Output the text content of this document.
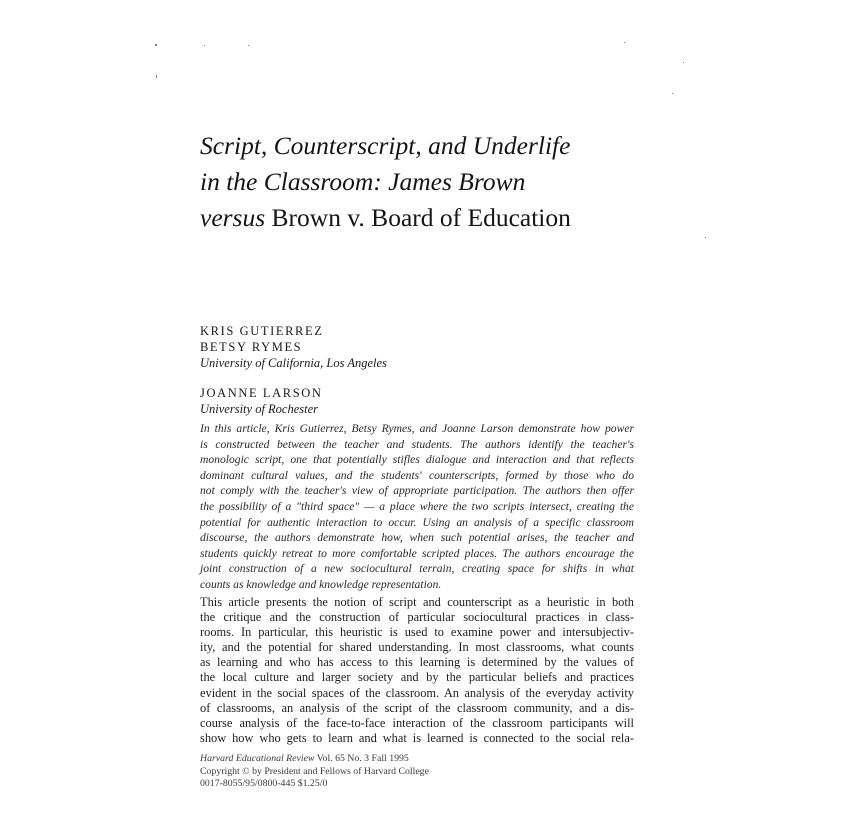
Script, Counterscript, and Underlife
in the Classroom: James Brown
versus Brown v. Board of Education
KRIS GUTIERREZ
BETSY RYMES
University of California, Los Angeles
JOANNE LARSON
University of Rochester
In this article, Kris Gutierrez, Betsy Rymes, and Joanne Larson demonstrate how power
is constructed between the teacher and students. The authors identify the teacher's
monologic script, one that potentially stifles dialogue and interaction and that reflects
dominant cultural values, and the students' counterscripts, formed by those who do
not comply with the teacher's view of appropriate participation. The authors then offer
the possibility of a "third space" — a place where the two scripts intersect, creating the
potential for authentic interaction to occur. Using an analysis of a specific classroom
discourse, the authors demonstrate how, when such potential arises, the teacher and
students quickly retreat to more comfortable scripted places. The authors encourage the
joint construction of a new sociocultural terrain, creating space for shifts in what
counts as knowledge and knowledge representation.
This article presents the notion of script and counterscript as a heuristic in both
the critique and the construction of particular sociocultural practices in class-
rooms. In particular, this heuristic is used to examine power and intersubjectiv-
ity, and the potential for shared understanding. In most classrooms, what counts
as learning and who has access to this learning is determined by the values of
the local culture and larger society and by the particular beliefs and practices
evident in the social spaces of the classroom. An analysis of the everyday activity
of classrooms, an analysis of the script of the classroom community, and a dis-
course analysis of the face-to-face interaction of the classroom participants will
show how who gets to learn and what is learned is connected to the social rela-
Harvard Educational Review Vol. 65 No. 3 Fall 1995
Copyright © by President and Fellows of Harvard College
0017-8055/95/0800-445 $1.25/0
